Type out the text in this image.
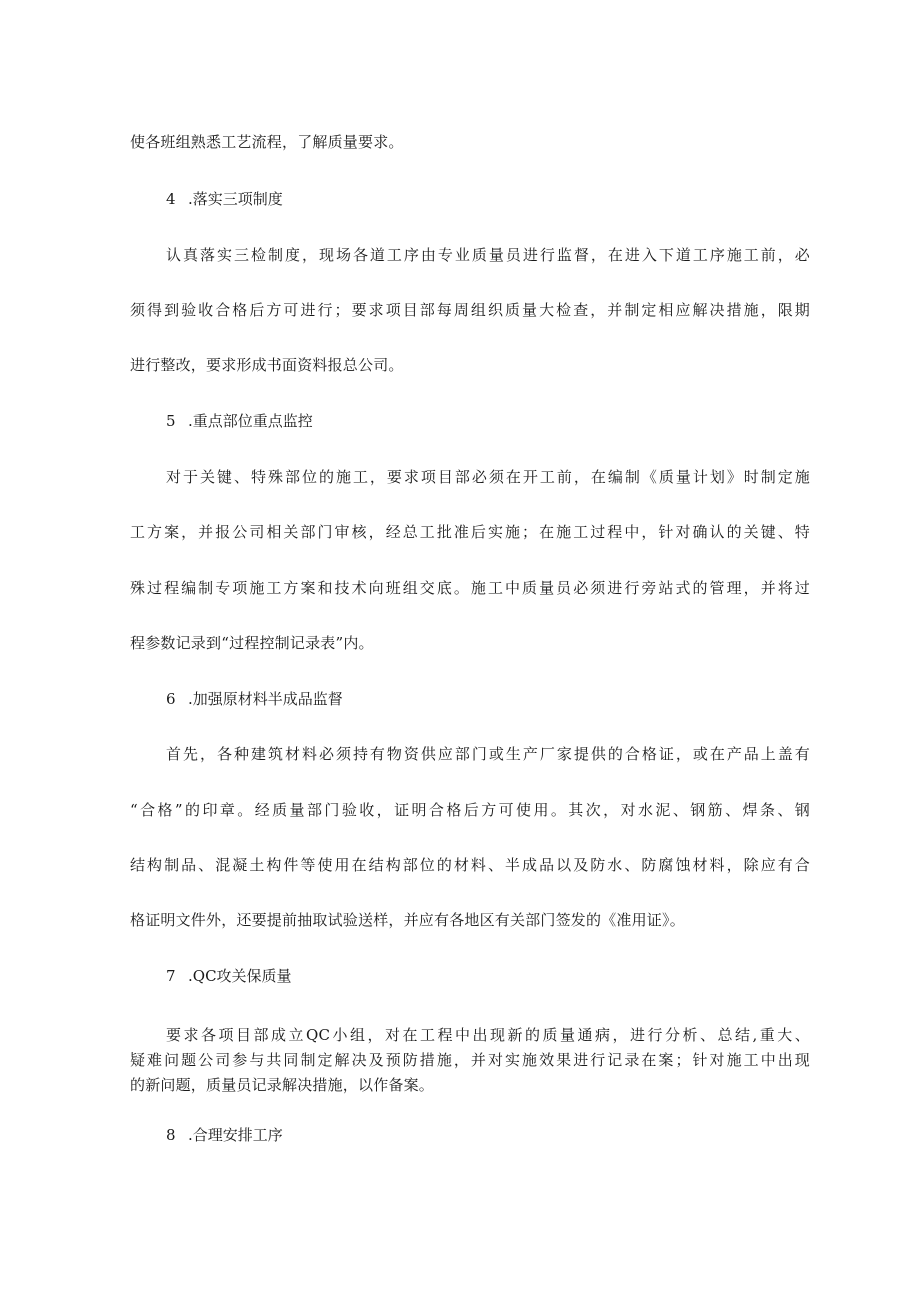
使各班组熟悉工艺流程，了解质量要求。
4 .落实三项制度
认真落实三检制度，现场各道工序由专业质量员进行监督，在进入下道工序施工前，必
须得到验收合格后方可进行；要求项目部每周组织质量大检查，并制定相应解决措施，限期
进行整改，要求形成书面资料报总公司。
5 .重点部位重点监控
对于关键、特殊部位的施工，要求项目部必须在开工前，在编制《质量计划》时制定施
工方案，并报公司相关部门审核，经总工批准后实施；在施工过程中，针对确认的关键、特
殊过程编制专项施工方案和技术向班组交底。施工中质量员必须进行旁站式的管理，并将过
程参数记录到“过程控制记录表”内。
6 .加强原材料半成品监督
首先，各种建筑材料必须持有物资供应部门或生产厂家提供的合格证，或在产品上盖有
“合格”的印章。经质量部门验收，证明合格后方可使用。其次，对水泥、钢筋、焊条、钢
结构制品、混凝土构件等使用在结构部位的材料、半成品以及防水、防腐蚀材料，除应有合
格证明文件外，还要提前抽取试验送样，并应有各地区有关部门签发的《准用证》。
7 .QC攻关保质量
要求各项目部成立QC小组，对在工程中出现新的质量通病，进行分析、总结,重大、
疑难问题公司参与共同制定解决及预防措施，并对实施效果进行记录在案；针对施工中出现
的新问题，质量员记录解决措施，以作备案。
8 .合理安排工序
